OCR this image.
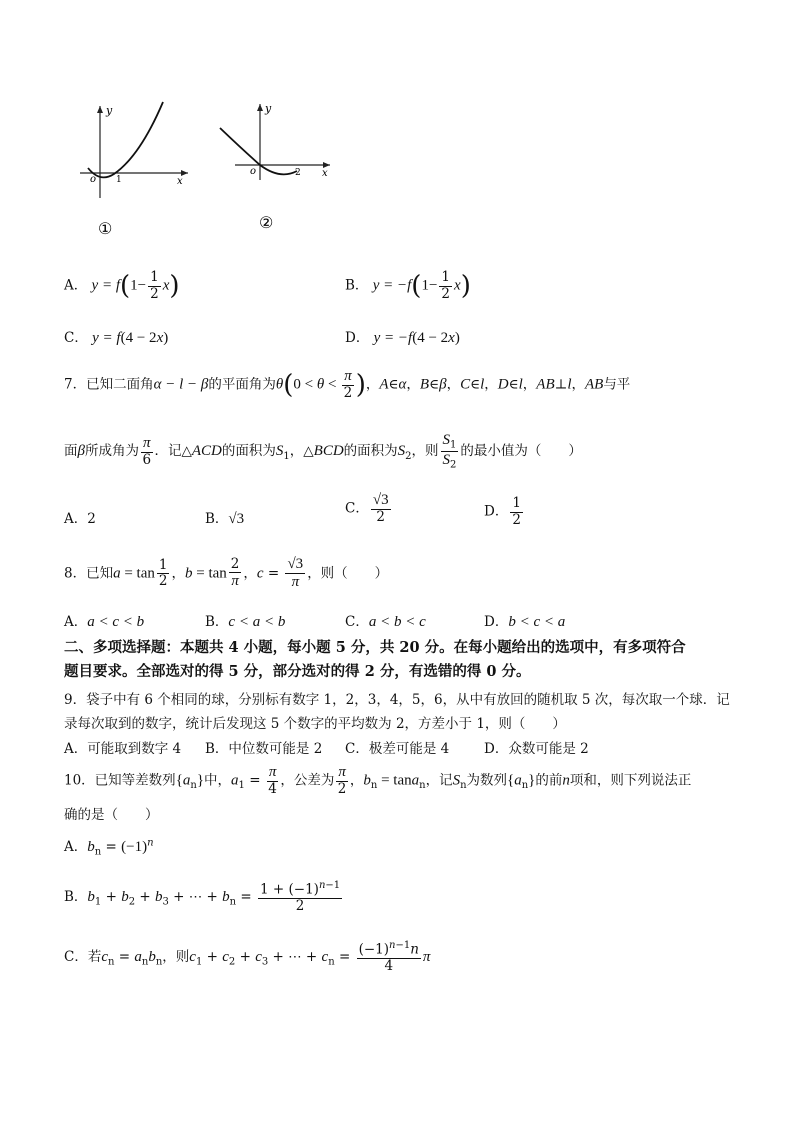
y
x
o 1
①
y
x
o	2
②
A． $y = f(1- \frac{1}{2} x)$	B． $y = -f(1- \frac{1}{2} x)$
C． y = f(4 − 2x)	D． y = −f(4 − 2x)
7．已知二面角α − l − β的平面角为$\theta(0 < \theta < \frac{\pi}{2}$ )，A∈α，B∈β，C∈l，D∈l，AB⊥l，AB与平
面β所成角为 $\frac{\pi}{6}$ ．记△ACD的面积为$S_1$，△BCD的面积为$S_2$，则 $\frac{S_1}{S_2}$ 的最小值为（　　）
A．2	B．√3
C． $\frac{√3}{2}$	D． $\frac{1}{2}$
8．已知$a = \tan \frac{1}{2}$ ，$b = \tan \frac{2}{\pi}$ ，$c = \frac{√3}{\pi}$ ，则（　　）
A．a < c < b	B．c < a < b	C．a < b < c	D．b < c < a
二、多项选择题：本题共 4 小题，每小题 5 分，共 20 分。在每小题给出的选项中，有多项符合
题目要求。全部选对的得 5 分，部分选对的得 2 分，有选错的得 0 分。
9．袋子中有 6 个相同的球，分别标有数字 1，2，3，4，5，6，从中有放回的随机取 5 次，每次取一个球．记
录每次取到的数字，统计后发现这 5 个数字的平均数为 2，方差小于 1，则（　　）
A．可能取到数字 4 B．中位数可能是 2 C．极差可能是 4	D．众数可能是 2
10．已知等差数列$\{a_n\}$中，$a_1 = \frac{\pi}{4}$ ，公差为 $\frac{\pi}{2}$ ，$b_n = \tan a_n$，记$S_n$为数列$\{a_n\}$的前n项和，则下列说法正
确的是（　　）
A．$b_n = (-1)^n$
B．$b_1 + b_2 + b_3$ + ⋯ + $b_n = \frac{1 + (-1)^{n-1}}{2}$
C．若$c_n = a_nb_n$，则$c_1 + c_2 + c_3$ + ⋯ + $c_n = \frac{(-1)^{n-1}n}{4}$ π
